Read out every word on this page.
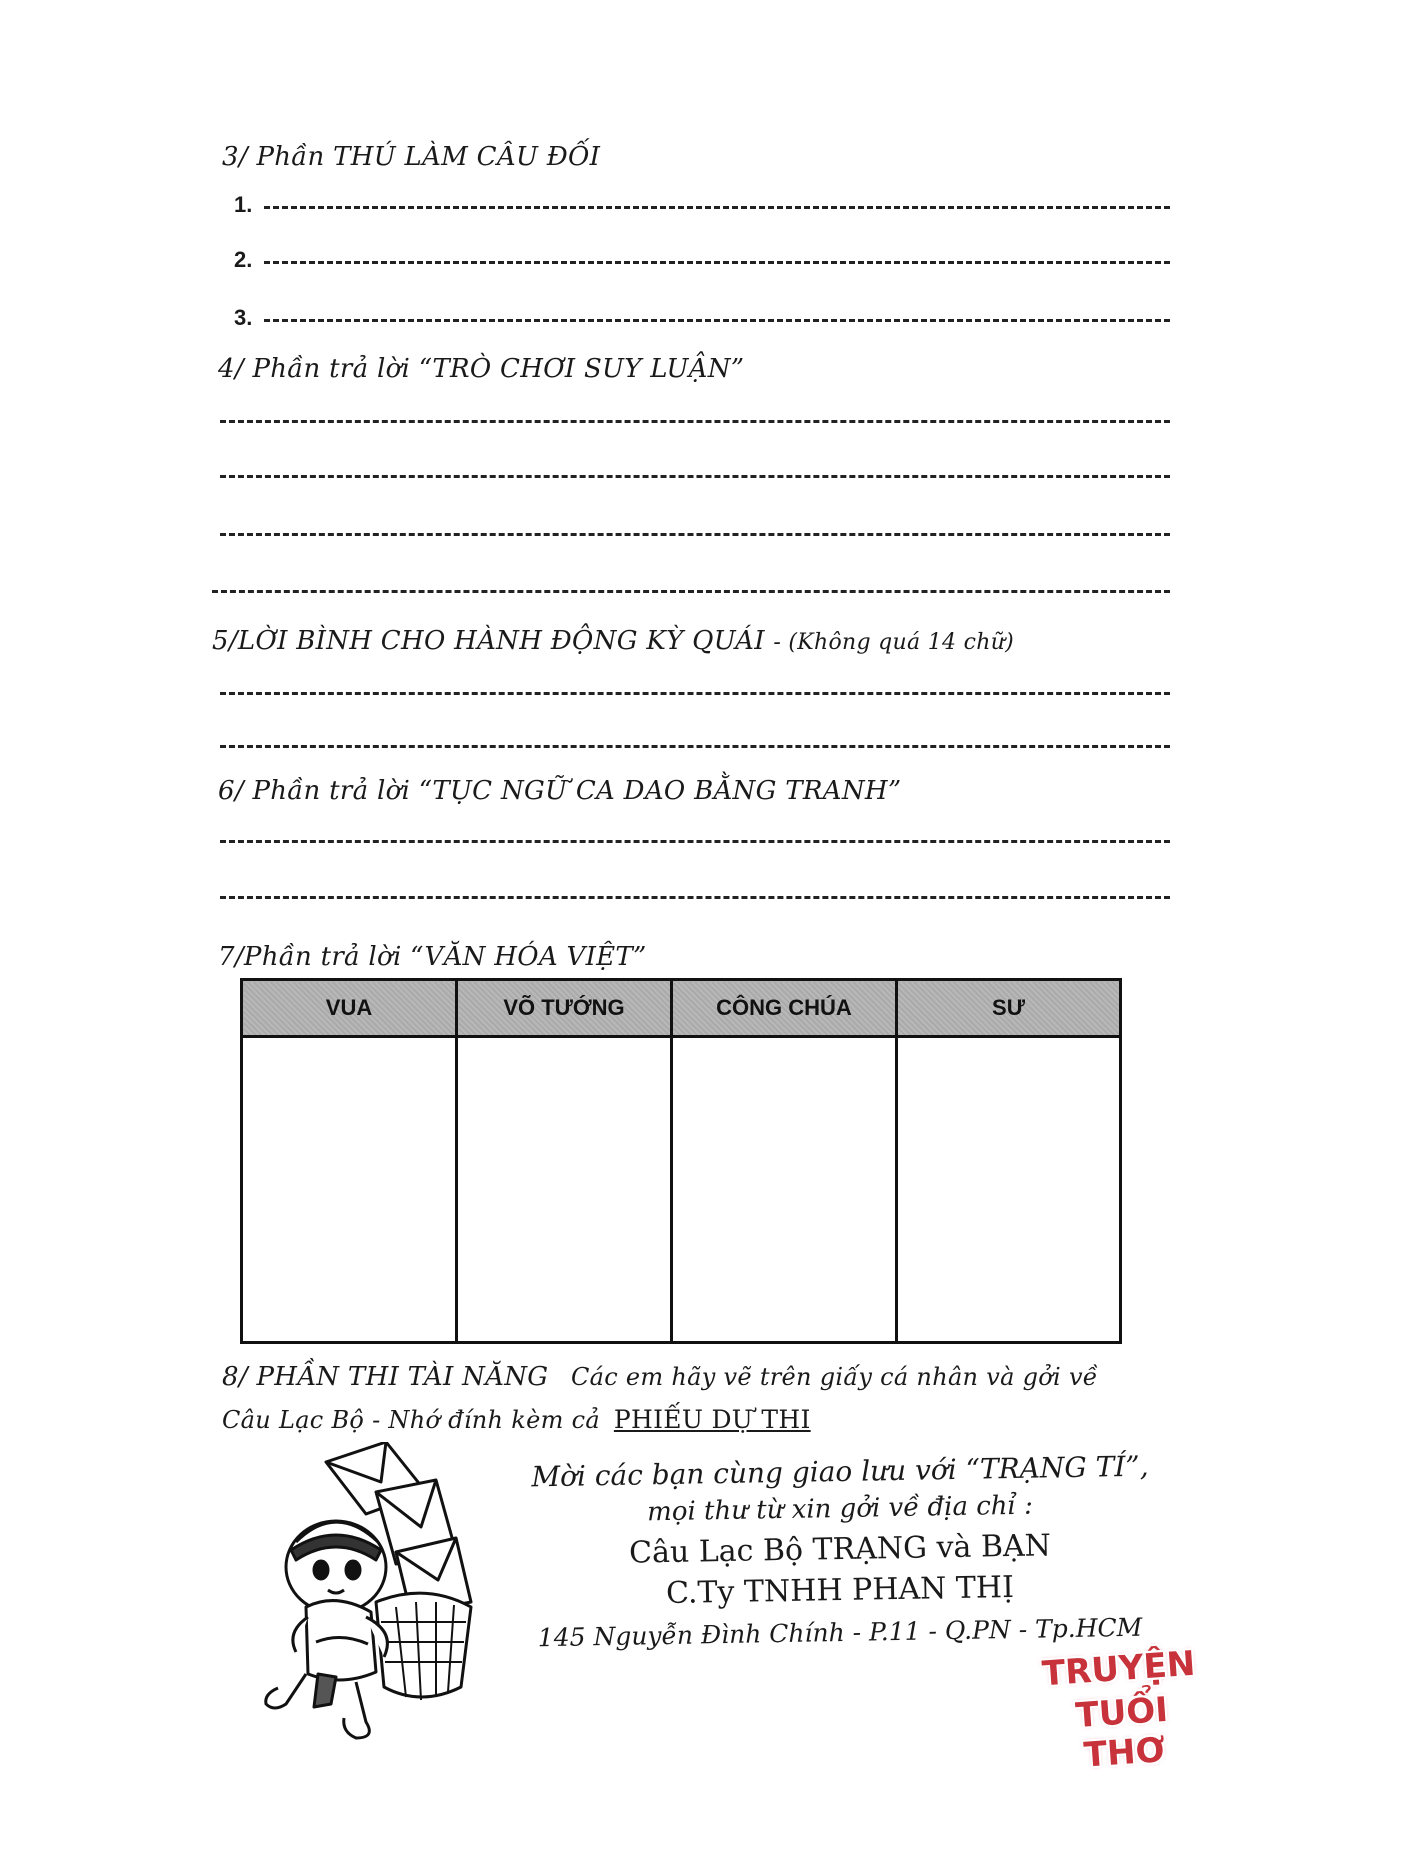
3/ Phần THÚ LÀM CÂU ĐỐI
1.
2.
3.
4/ Phần trả lời “TRÒ CHƠI SUY LUẬN”
5/LỜI BÌNH CHO HÀNH ĐỘNG KỲ QUÁI - (Không quá 14 chữ)
6/ Phần trả lời “TỤC NGỮ CA DAO BẰNG TRANH”
7/Phần trả lời “VĂN HÓA VIỆT”
VUA	VÕ TƯỚNG	CÔNG CHÚA	SƯ

8/ PHẦN THI TÀI NĂNG Các em hãy vẽ trên giấy cá nhân và gởi về
Câu Lạc Bộ - Nhớ đính kèm cả PHIẾU DỰ THI
Mời các bạn cùng giao lưu với “TRẠNG TÍ”,
mọi thư từ xin gởi về địa chỉ :
Câu Lạc Bộ TRẠNG và BẠN
C.Ty TNHH PHAN THỊ
145 Nguyễn Đình Chính - P.11 - Q.PN - Tp.HCM
TRUYỆN
TUỔI THƠ
